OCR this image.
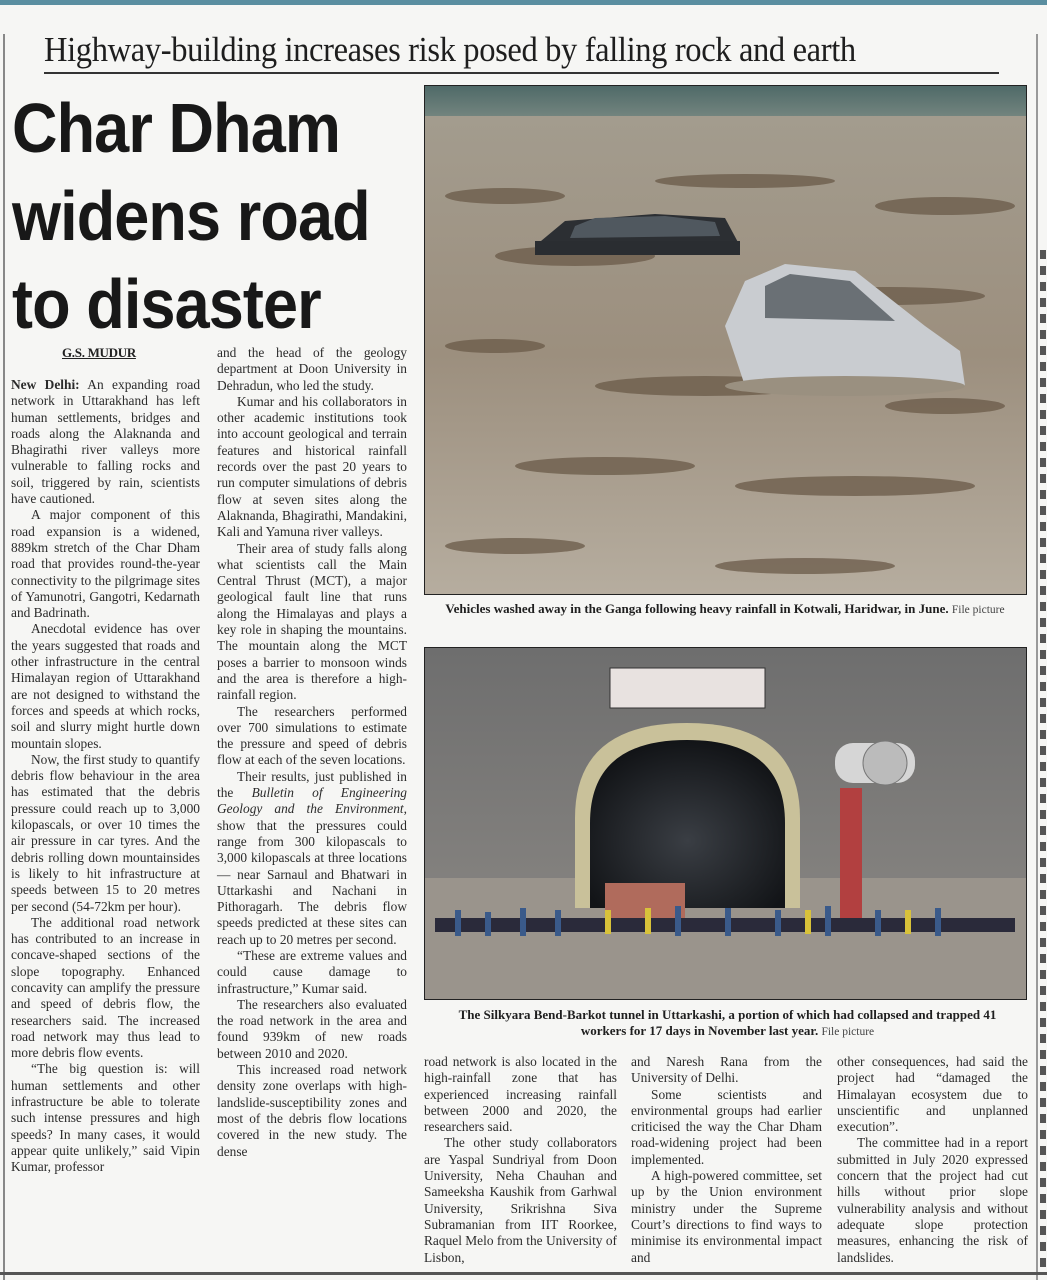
Highway-building increases risk posed by falling rock and earth
Char Dham
widens road
to disaster
G.S. MUDUR

New Delhi: An expanding road network in Uttarakhand has left human settlements, bridges and roads along the Alaknanda and Bhagirathi river valleys more vulnerable to falling rocks and soil, triggered by rain, scientists have cautioned.

A major component of this road expansion is a widened, 889km stretch of the Char Dham road that provides round-the-year connectivity to the pilgrimage sites of Yamunotri, Gangotri, Kedarnath and Badrinath.

Anecdotal evidence has over the years suggested that roads and other infrastructure in the central Himalayan region of Uttarakhand are not designed to withstand the forces and speeds at which rocks, soil and slurry might hurtle down mountain slopes.

Now, the first study to quantify debris flow behaviour in the area has estimated that the debris pressure could reach up to 3,000 kilopascals, or over 10 times the air pressure in car tyres. And the debris rolling down mountainsides is likely to hit infrastructure at speeds between 15 to 20 metres per second (54-72km per hour).

The additional road network has contributed to an increase in concave-shaped sections of the slope topography. Enhanced concavity can amplify the pressure and speed of debris flow, the researchers said. The increased road network may thus lead to more debris flow events.

“The big question is: will human settlements and other infrastructure be able to tolerate such intense pressures and high speeds? In many cases, it would appear quite unlikely,” said Vipin Kumar, professor

and the head of the geology department at Doon University in Dehradun, who led the study.

Kumar and his collaborators in other academic institutions took into account geological and terrain features and historical rainfall records over the past 20 years to run computer simulations of debris flow at seven sites along the Alaknanda, Bhagirathi, Mandakini, Kali and Yamuna river valleys.

Their area of study falls along what scientists call the Main Central Thrust (MCT), a major geological fault line that runs along the Himalayas and plays a key role in shaping the mountains. The mountain along the MCT poses a barrier to monsoon winds and the area is therefore a high-rainfall region.

The researchers performed over 700 simulations to estimate the pressure and speed of debris flow at each of the seven locations.

Their results, just published in the Bulletin of Engineering Geology and the Environment, show that the pressures could range from 300 kilopascals to 3,000 kilopascals at three locations — near Sarnaul and Bhatwari in Uttarkashi and Nachani in Pithoragarh. The debris flow speeds predicted at these sites can reach up to 20 metres per second.

“These are extreme values and could cause damage to infrastructure,” Kumar said.

The researchers also evaluated the road network in the area and found 939km of new roads between 2010 and 2020.

This increased road network density zone overlaps with high-landslide-susceptibility zones and most of the debris flow locations covered in the new study. The dense

Vehicles washed away in the Ganga following heavy rainfall in Kotwali, Haridwar, in June. File picture
The Silkyara Bend-Barkot tunnel in Uttarkashi, a portion of which had collapsed and trapped 41 workers for 17 days in November last year. File picture

road network is also located in the high-rainfall zone that has experienced increasing rainfall between 2000 and 2020, the researchers said.

The other study collaborators are Yaspal Sundriyal from Doon University, Neha Chauhan and Sameeksha Kaushik from Garhwal University, Srikrishna Siva Subramanian from IIT Roorkee, Raquel Melo from the University of Lisbon,

and Naresh Rana from the University of Delhi.

Some scientists and environmental groups had earlier criticised the way the Char Dham road-widening project had been implemented.

A high-powered committee, set up by the Union environment ministry under the Supreme Court’s directions to find ways to minimise its environmental impact and

other consequences, had said the project had “damaged the Himalayan ecosystem due to unscientific and unplanned execution”.

The committee had in a report submitted in July 2020 expressed concern that the project had cut hills without prior slope vulnerability analysis and without adequate slope protection measures, enhancing the risk of landslides.
